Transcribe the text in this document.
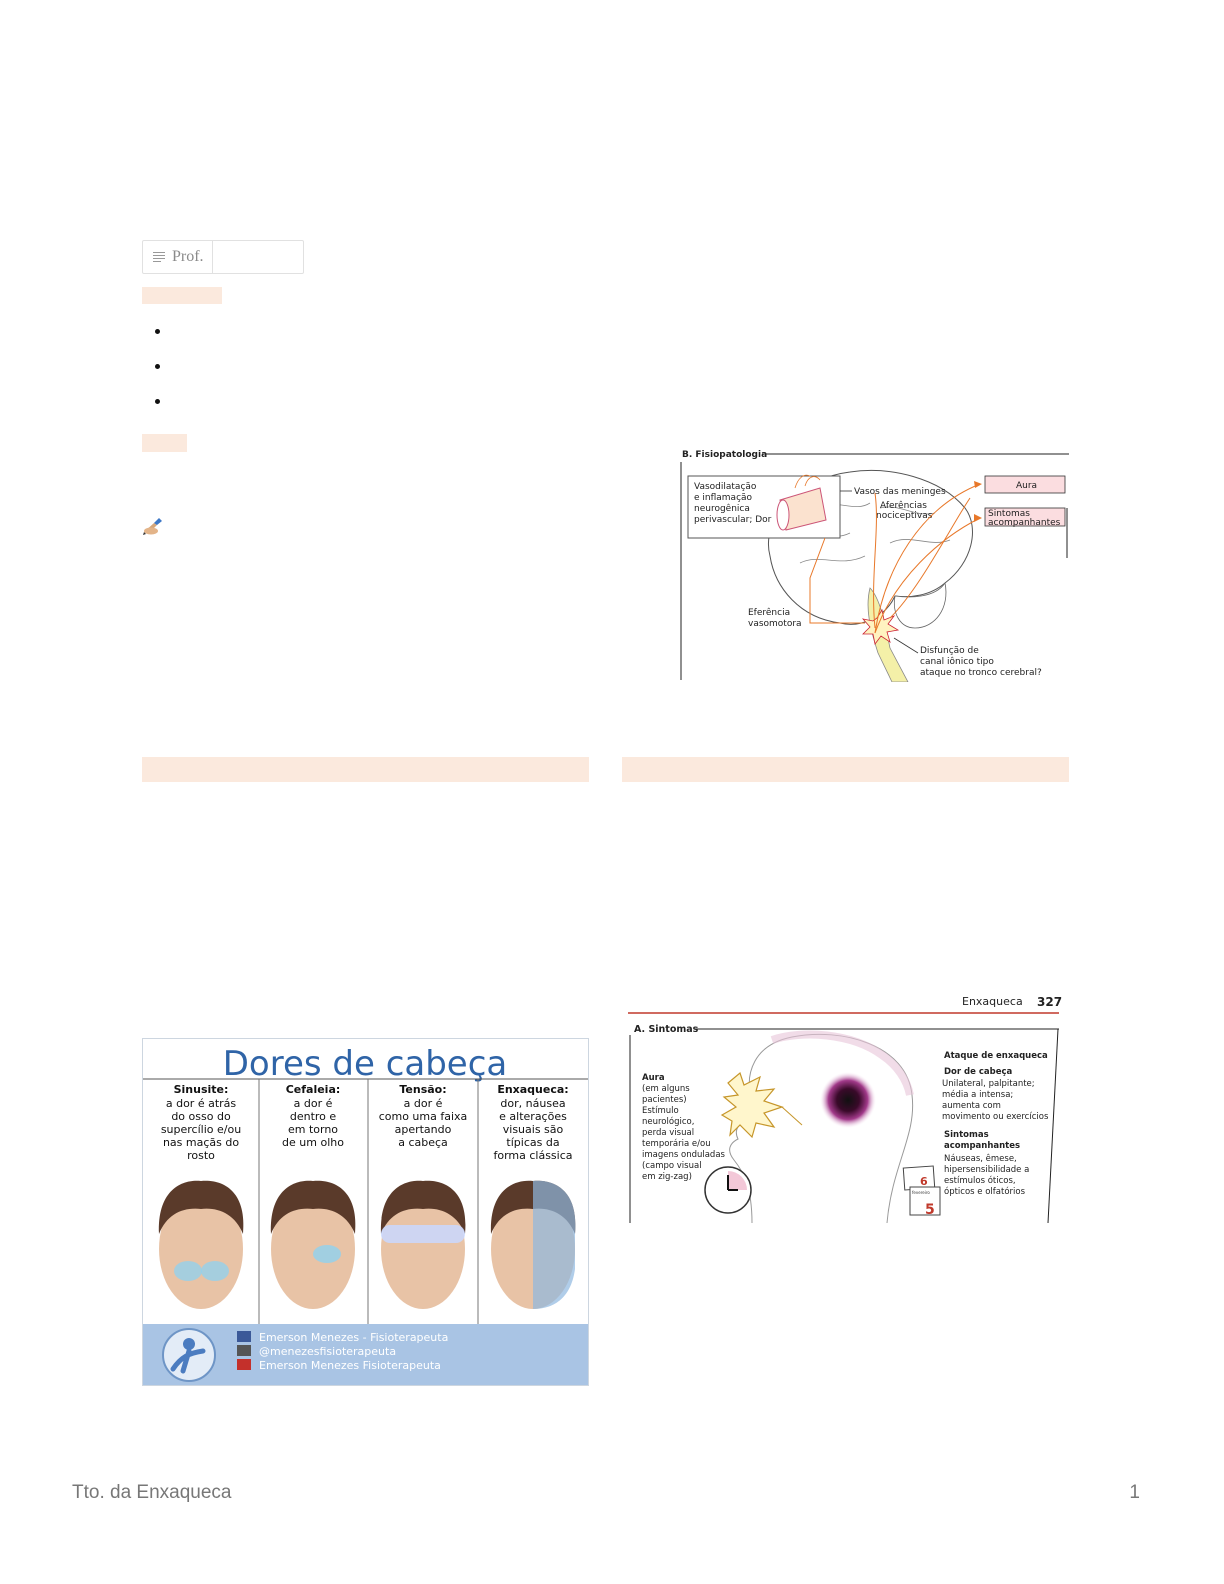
Prof.
B. Fisiopatologia
Vasodilatação
e inflamação
neurogênica
perivascular; Dor
Vasos das meninges
Aferências
nociceptivas
Aura
Sintomas
acompanhantes
Eferência
vasomotora
Disfunção de
canal iônico tipo
ataque no tronco cerebral?
Dores de cabeça
Sinusite:
a dor é atrás
do osso do
supercílio e/ou
nas maçãs do
rosto
Cefaleia:
a dor é
dentro e
em torno
de um olho
Tensão:
a dor é
como uma faixa
apertando
a cabeça
Enxaqueca:
dor, náusea
e alterações
visuais são
típicas da
forma clássica
Emerson Menezes - Fisioterapeuta
@menezesfisioterapeuta
Emerson Menezes Fisioterapeuta
Enxaqueca 327
A. Sintomas
Aura
(em alguns
pacientes)
Estímulo
neurológico,
perda visual
temporária e/ou
imagens onduladas
(campo visual
em zig-zag)
Ataque de enxaqueca
Dor de cabeça
Unilateral, palpitante;
média a intensa;
aumenta com
movimento ou exercícios
Sintomas
acompanhantes
Náuseas, êmese,
hipersensibilidade a
estímulos óticos,
ópticos e olfatórios
6
5
fevereiro
Tto. da Enxaqueca	1
